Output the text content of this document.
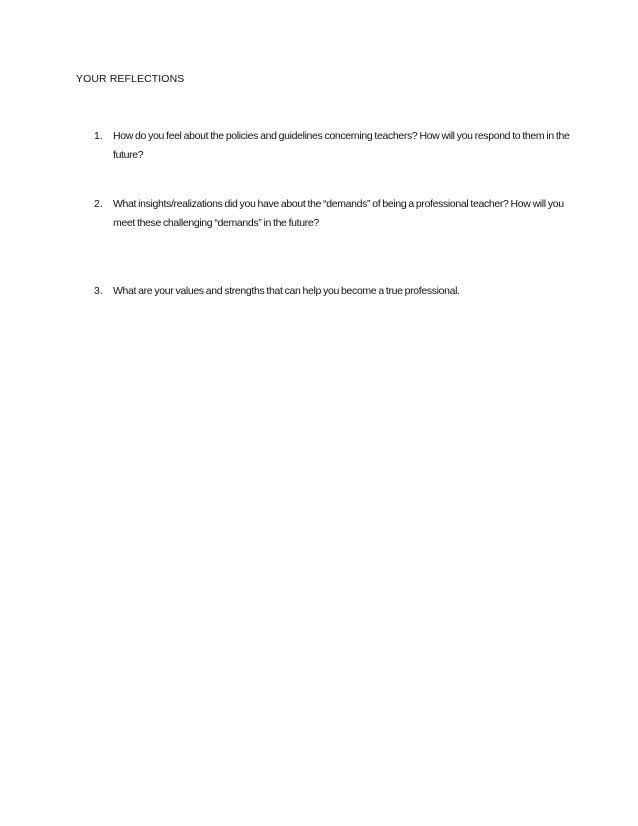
YOUR REFLECTIONS
1. How do you feel about the policies and guidelines concerning teachers? How will you respond to them in the future?
2. What insights/realizations did you have about the “demands” of being a professional teacher? How will you meet these challenging “demands” in the future?
3. What are your values and strengths that can help you become a true professional.
